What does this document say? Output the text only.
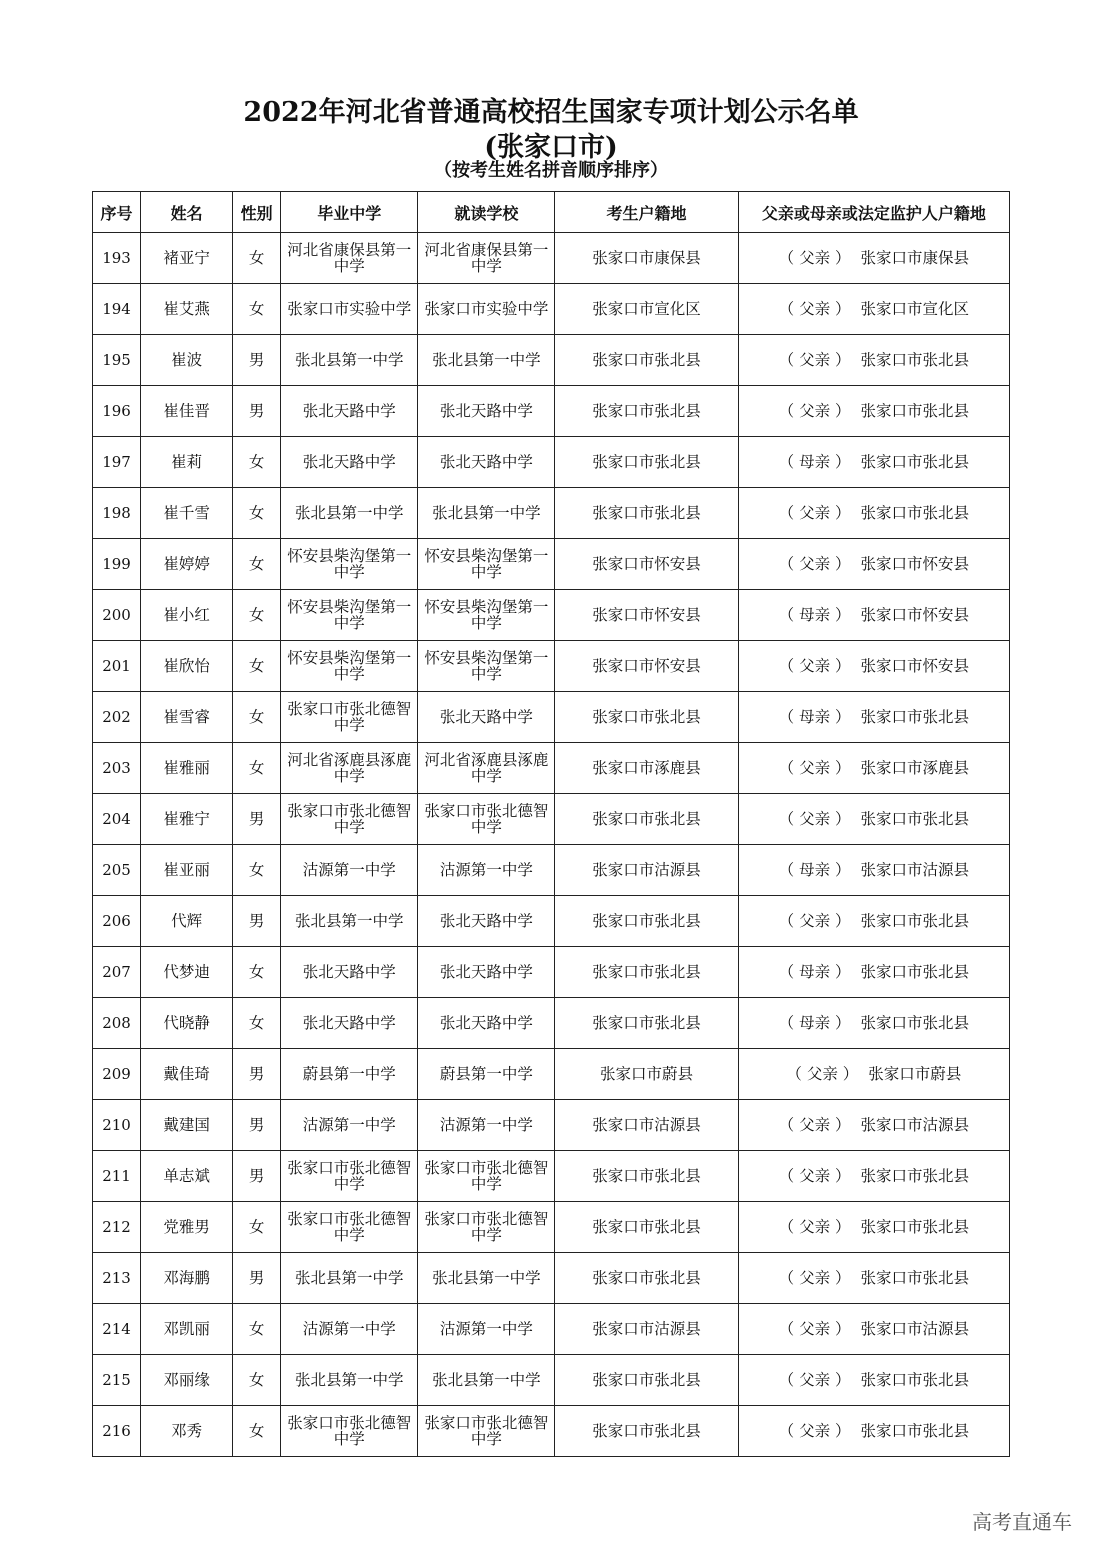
2022年河北省普通高校招生国家专项计划公示名单
(张家口市)
（按考生姓名拼音顺序排序）
序号	姓名	性别	毕业中学	就读学校	考生户籍地	父亲或母亲或法定监护人户籍地
193	褚亚宁	女	河北省康保县第一中学	河北省康保县第一中学	张家口市康保县	（ 父亲 ） 张家口市康保县
194	崔艾燕	女	张家口市实验中学	张家口市实验中学	张家口市宣化区	（ 父亲 ） 张家口市宣化区
195	崔波	男	张北县第一中学	张北县第一中学	张家口市张北县	（ 父亲 ） 张家口市张北县
196	崔佳晋	男	张北天路中学	张北天路中学	张家口市张北县	（ 父亲 ） 张家口市张北县
197	崔莉	女	张北天路中学	张北天路中学	张家口市张北县	（ 母亲 ） 张家口市张北县
198	崔千雪	女	张北县第一中学	张北县第一中学	张家口市张北县	（ 父亲 ） 张家口市张北县
199	崔婷婷	女	怀安县柴沟堡第一中学	怀安县柴沟堡第一中学	张家口市怀安县	（ 父亲 ） 张家口市怀安县
200	崔小红	女	怀安县柴沟堡第一中学	怀安县柴沟堡第一中学	张家口市怀安县	（ 母亲 ） 张家口市怀安县
201	崔欣怡	女	怀安县柴沟堡第一中学	怀安县柴沟堡第一中学	张家口市怀安县	（ 父亲 ） 张家口市怀安县
202	崔雪睿	女	张家口市张北德智中学	张北天路中学	张家口市张北县	（ 母亲 ） 张家口市张北县
203	崔雅丽	女	河北省涿鹿县涿鹿中学	河北省涿鹿县涿鹿中学	张家口市涿鹿县	（ 父亲 ） 张家口市涿鹿县
204	崔雅宁	男	张家口市张北德智中学	张家口市张北德智中学	张家口市张北县	（ 父亲 ） 张家口市张北县
205	崔亚丽	女	沽源第一中学	沽源第一中学	张家口市沽源县	（ 母亲 ） 张家口市沽源县
206	代辉	男	张北县第一中学	张北天路中学	张家口市张北县	（ 父亲 ） 张家口市张北县
207	代梦迪	女	张北天路中学	张北天路中学	张家口市张北县	（ 母亲 ） 张家口市张北县
208	代晓静	女	张北天路中学	张北天路中学	张家口市张北县	（ 母亲 ） 张家口市张北县
209	戴佳琦	男	蔚县第一中学	蔚县第一中学	张家口市蔚县	（ 父亲 ） 张家口市蔚县
210	戴建国	男	沽源第一中学	沽源第一中学	张家口市沽源县	（ 父亲 ） 张家口市沽源县
211	单志斌	男	张家口市张北德智中学	张家口市张北德智中学	张家口市张北县	（ 父亲 ） 张家口市张北县
212	党雅男	女	张家口市张北德智中学	张家口市张北德智中学	张家口市张北县	（ 父亲 ） 张家口市张北县
213	邓海鹏	男	张北县第一中学	张北县第一中学	张家口市张北县	（ 父亲 ） 张家口市张北县
214	邓凯丽	女	沽源第一中学	沽源第一中学	张家口市沽源县	（ 父亲 ） 张家口市沽源县
215	邓丽缘	女	张北县第一中学	张北县第一中学	张家口市张北县	（ 父亲 ） 张家口市张北县
216	邓秀	女	张家口市张北德智中学	张家口市张北德智中学	张家口市张北县	（ 父亲 ） 张家口市张北县
高考直通车
